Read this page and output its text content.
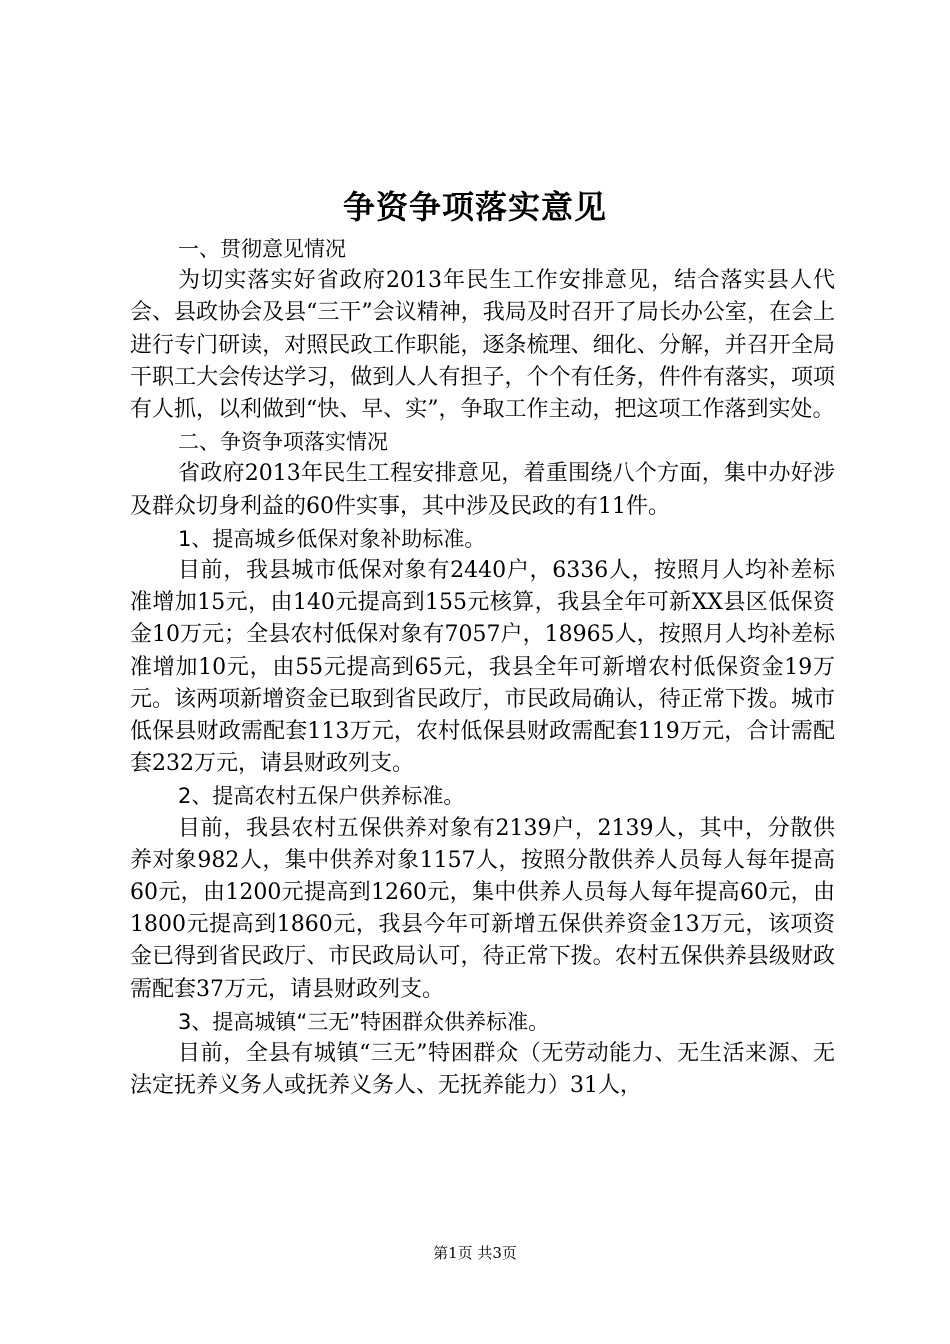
争资争项落实意见

一、贯彻意见情况

为切实落实好省政府2013年民生工作安排意见，结合落实县人代会、县政协会及县“三干”会议精神，我局及时召开了局长办公室，在会上进行专门研读，对照民政工作职能，逐条梳理、细化、分解，并召开全局干职工大会传达学习，做到人人有担子，个个有任务，件件有落实，项项有人抓，以利做到“快、早、实”，争取工作主动，把这项工作落到实处。

二、争资争项落实情况

省政府2013年民生工程安排意见，着重围绕八个方面，集中办好涉及群众切身利益的60件实事，其中涉及民政的有11件。

1、提高城乡低保对象补助标准。

目前，我县城市低保对象有2440户，6336人，按照月人均补差标准增加15元，由140元提高到155元核算，我县全年可新XX县区低保资金10万元；全县农村低保对象有7057户，18965人，按照月人均补差标准增加10元，由55元提高到65元，我县全年可新增农村低保资金19万元。该两项新增资金已取到省民政厅，市民政局确认，待正常下拨。城市低保县财政需配套113万元，农村低保县财政需配套119万元，合计需配套232万元，请县财政列支。

2、提高农村五保户供养标准。

目前，我县农村五保供养对象有2139户，2139人，其中，分散供养对象982人，集中供养对象1157人，按照分散供养人员每人每年提高60元，由1200元提高到1260元，集中供养人员每人每年提高60元，由1800元提高到1860元，我县今年可新增五保供养资金13万元，该项资金已得到省民政厅、市民政局认可，待正常下拨。农村五保供养县级财政需配套37万元，请县财政列支。

3、提高城镇“三无”特困群众供养标准。

目前，全县有城镇“三无”特困群众（无劳动能力、无生活来源、无法定抚养义务人或抚养义务人、无抚养能力）31人，

第1页 共3页
